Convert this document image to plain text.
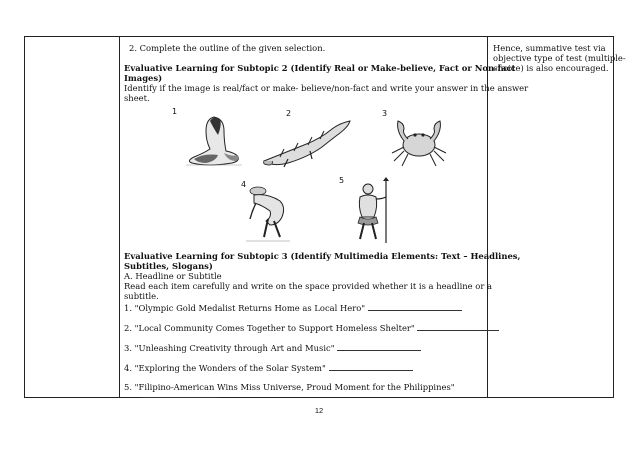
2. Complete the outline of the given selection.
Evaluative Learning for Subtopic 2 (Identify Real or Make-believe, Fact or Non-fact
Images)
Identify if the image is real/fact or make- believe/non-fact and write your answer in the answer
sheet.
1	2	3
4	5
Evaluative Learning for Subtopic 3 (Identify Multimedia Elements: Text – Headlines,
Subtitles, Slogans)
A. Headline or Subtitle
Read each item carefully and write on the space provided whether it is a headline or a
subtitle.
1. "Olympic Gold Medalist Returns Home as Local Hero"
2. "Local Community Comes Together to Support Homeless Shelter"
3. "Unleashing Creativity through Art and Music"
4. "Exploring the Wonders of the Solar System"
5. "Filipino-American Wins Miss Universe, Proud Moment for the Philippines"
Hence, summative test via
objective type of test (multiple-
choice) is also encouraged.
12
